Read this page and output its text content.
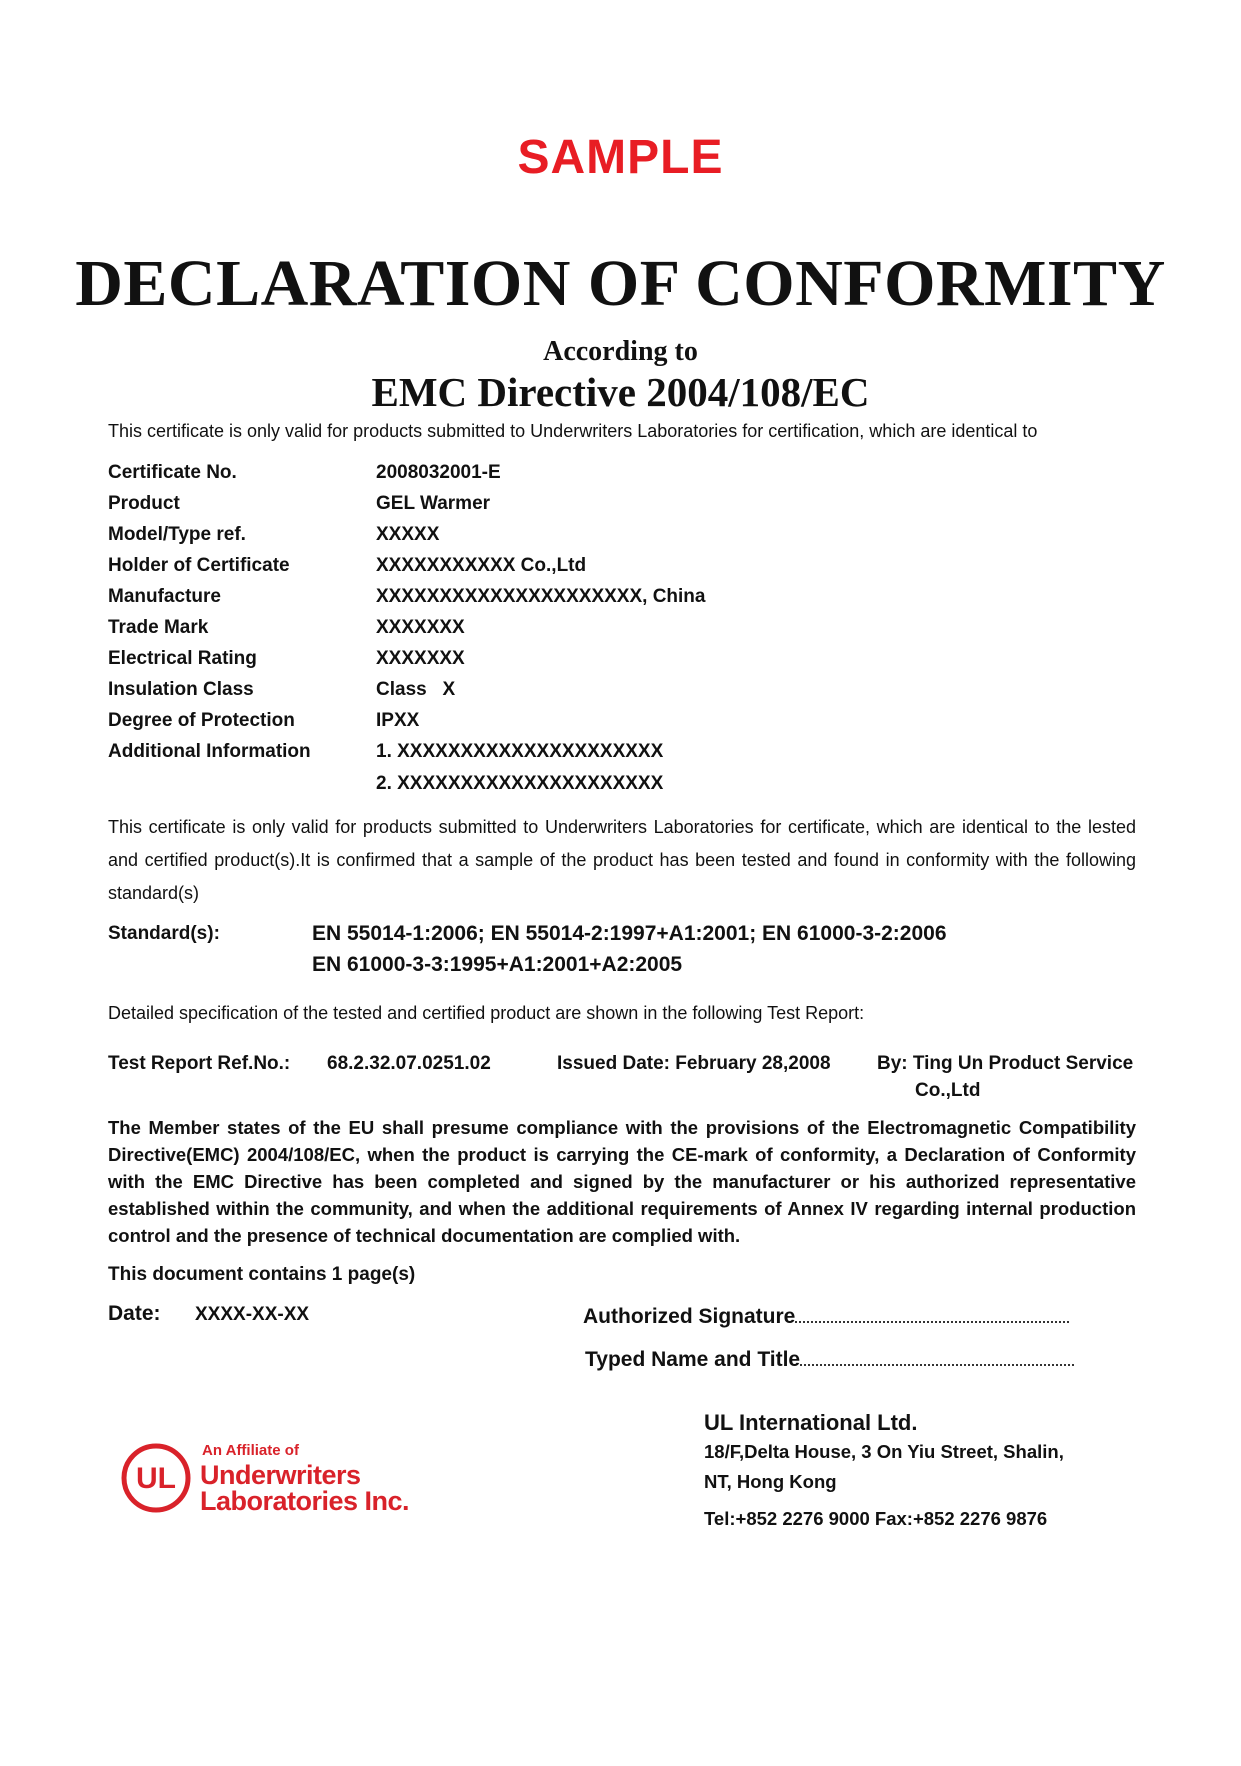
SAMPLE
DECLARATION OF CONFORMITY
According to
EMC Directive 2004/108/EC
This certificate is only valid for products submitted to Underwriters Laboratories for certification, which are identical to
Certificate No.	2008032001-E
Product	GEL Warmer
Model/Type ref.	XXXXX
Holder of Certificate	XXXXXXXXXXX Co.,Ltd
Manufacture	XXXXXXXXXXXXXXXXXXXXX, China
Trade Mark	XXXXXXX
Electrical Rating	XXXXXXX
Insulation Class	Class   X
Degree of Protection	IPXX
Additional Information	1. XXXXXXXXXXXXXXXXXXXXX
2. XXXXXXXXXXXXXXXXXXXXX
This certificate is only valid for products submitted to Underwriters Laboratories for certificate, which are identical to the lested and certified product(s).It is confirmed that a sample of the product has been tested and found in conformity with the following standard(s)
Standard(s):	EN 55014-1:2006; EN 55014-2:1997+A1:2001; EN 61000-3-2:2006
EN 61000-3-3:1995+A1:2001+A2:2005
Detailed specification of the tested and certified product are shown in the following Test Report:
Test Report Ref.No.: 68.2.32.07.0251.02	Issued Date: February 28,2008 By: Ting Un Product Service
Co.,Ltd
The Member states of the EU shall presume compliance with the provisions of the Electromagnetic Compatibility Directive(EMC) 2004/108/EC, when the product is carrying the CE-mark of conformity, a Declaration of Conformity with the EMC Directive has been completed and signed by the manufacturer or his authorized representative established within the community, and when the additional requirements of Annex IV regarding internal production control and the presence of technical documentation are complied with.
This document contains 1 page(s)
Date: XXXX-XX-XX	Authorized Signature
Typed Name and Title
UL International Ltd.
18/F,Delta House, 3 On Yiu Street, Shalin,
NT, Hong Kong
Tel:+852 2276 9000 Fax:+852 2276 9876
UL
An Affiliate of
Underwriters
Laboratories Inc.
